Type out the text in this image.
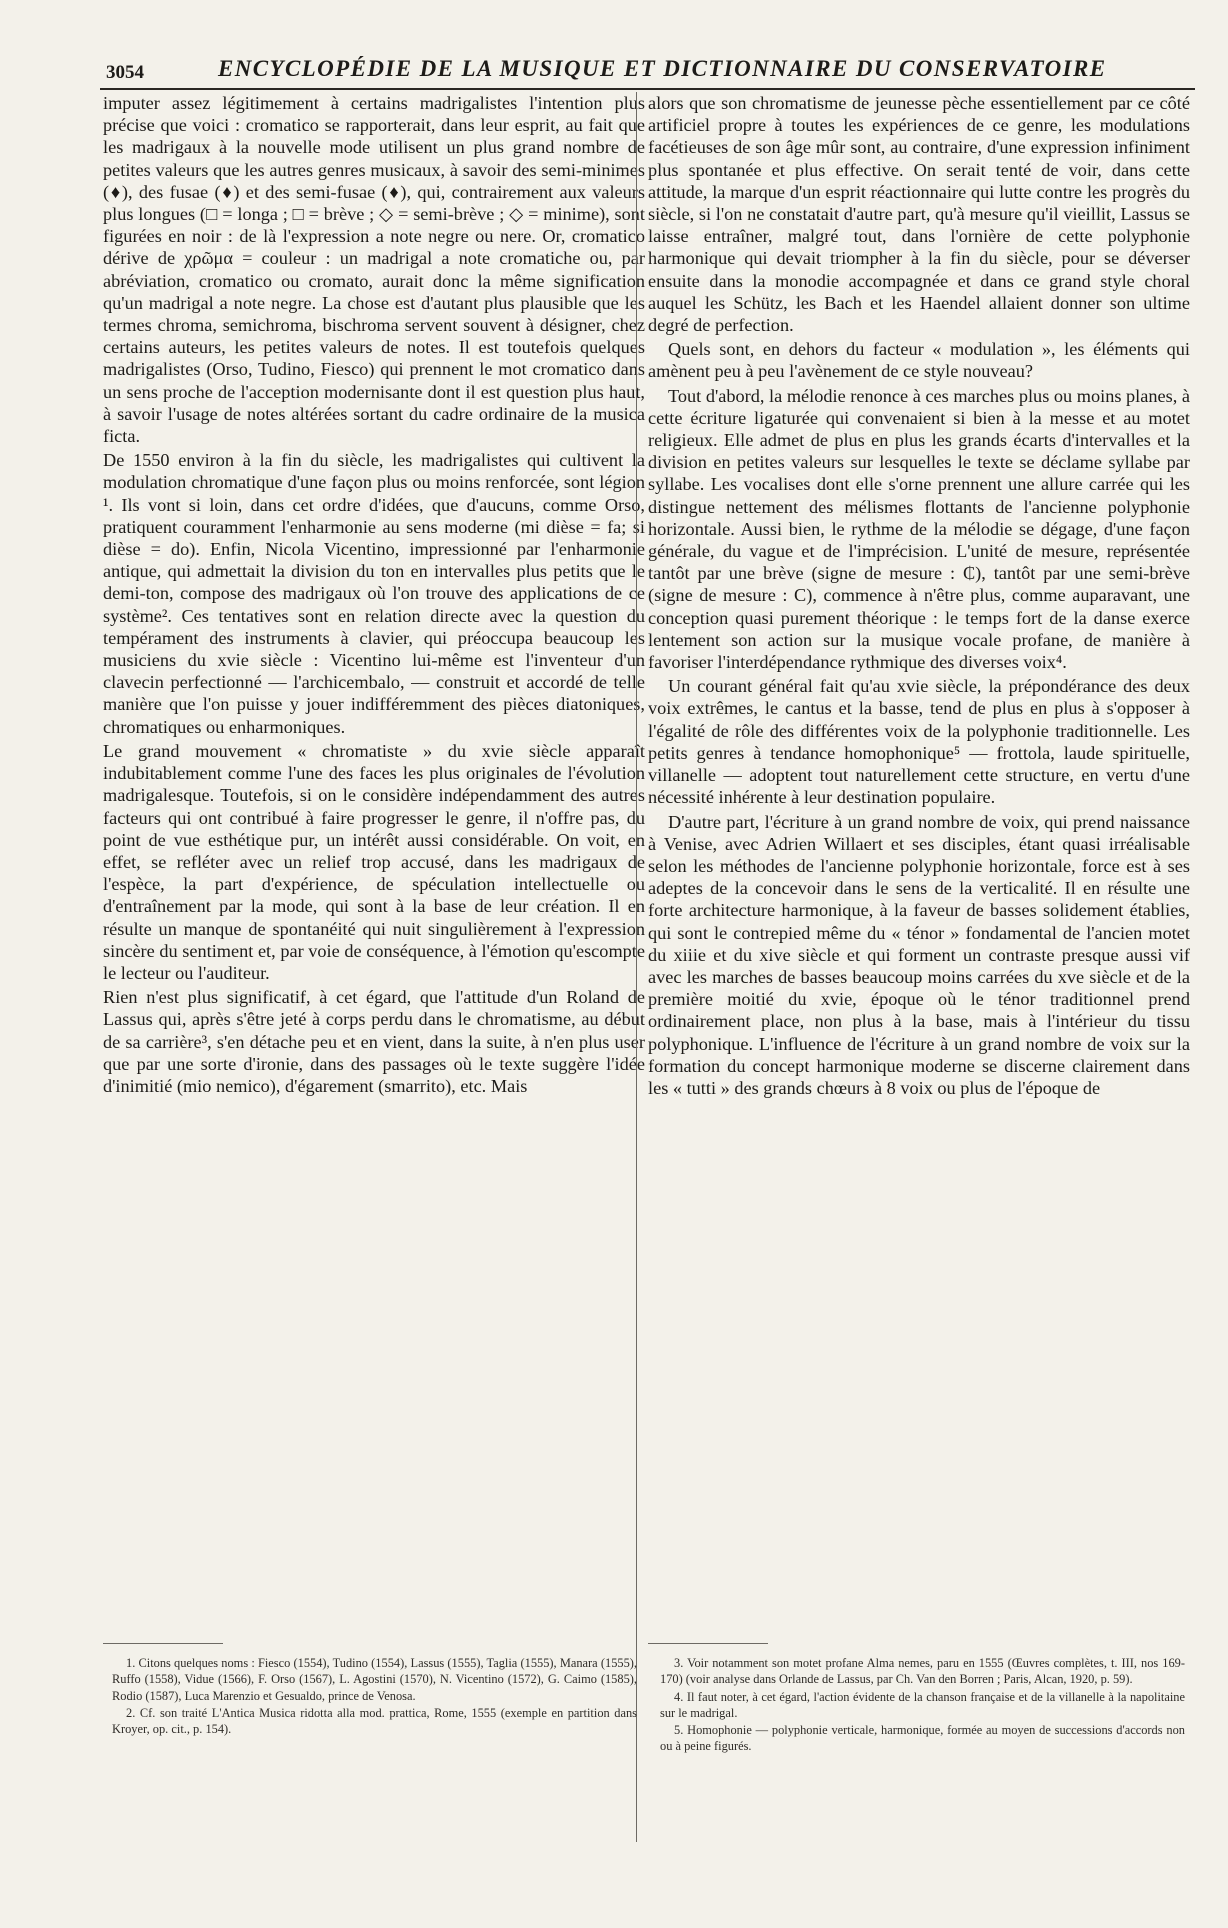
3054	ENCYCLOPÉDIE DE LA MUSIQUE ET DICTIONNAIRE DU CONSERVATOIRE

imputer assez légitimement à certains madrigalistes l'intention plus précise que voici : cromatico se rapporterait, dans leur esprit, au fait que les madrigaux à la nouvelle mode utilisent un plus grand nombre de petites valeurs que les autres genres musicaux, à savoir des semi-minimes (♦), des fusae (♦) et des semi-fusae (♦), qui, contrairement aux valeurs plus longues (□ = longa ; □ = brève ; ◇ = semi-brève ; ◇ = minime), sont figurées en noir : de là l'expression a note negre ou nere. Or, cromatico dérive de χρῶμα = couleur : un madrigal a note cromatiche ou, par abréviation, cromatico ou cromato, aurait donc la même signification qu'un madrigal a note negre. La chose est d'autant plus plausible que les termes chroma, semichroma, bischroma servent souvent à désigner, chez certains auteurs, les petites valeurs de notes. Il est toutefois quelques madrigalistes (Orso, Tudino, Fiesco) qui prennent le mot cromatico dans un sens proche de l'acception modernisante dont il est question plus haut, à savoir l'usage de notes altérées sortant du cadre ordinaire de la musica ficta.

De 1550 environ à la fin du siècle, les madrigalistes qui cultivent la modulation chromatique d'une façon plus ou moins renforcée, sont légion ¹. Ils vont si loin, dans cet ordre d'idées, que d'aucuns, comme Orso, pratiquent couramment l'enharmonie au sens moderne (mi dièse = fa; si dièse = do). Enfin, Nicola Vicentino, impressionné par l'enharmonie antique, qui admettait la division du ton en intervalles plus petits que le demi-ton, compose des madrigaux où l'on trouve des applications de ce système². Ces tentatives sont en relation directe avec la question du tempérament des instruments à clavier, qui préoccupa beaucoup les musiciens du xvie siècle : Vicentino lui-même est l'inventeur d'un clavecin perfectionné — l'archicembalo, — construit et accordé de telle manière que l'on puisse y jouer indifféremment des pièces diatoniques, chromatiques ou enharmoniques.

Le grand mouvement « chromatiste » du xvie siècle apparaît indubitablement comme l'une des faces les plus originales de l'évolution madrigalesque. Toutefois, si on le considère indépendamment des autres facteurs qui ont contribué à faire progresser le genre, il n'offre pas, du point de vue esthétique pur, un intérêt aussi considérable. On voit, en effet, se refléter avec un relief trop accusé, dans les madrigaux de l'espèce, la part d'expérience, de spéculation intellectuelle ou d'entraînement par la mode, qui sont à la base de leur création. Il en résulte un manque de spontanéité qui nuit singulièrement à l'expression sincère du sentiment et, par voie de conséquence, à l'émotion qu'escompte le lecteur ou l'auditeur.

Rien n'est plus significatif, à cet égard, que l'attitude d'un Roland de Lassus qui, après s'être jeté à corps perdu dans le chromatisme, au début de sa carrière³, s'en détache peu et en vient, dans la suite, à n'en plus user que par une sorte d'ironie, dans des passages où le texte suggère l'idée d'inimitié (mio nemico), d'égarement (smarrito), etc. Mais

alors que son chromatisme de jeunesse pèche essentiellement par ce côté artificiel propre à toutes les expériences de ce genre, les modulations facétieuses de son âge mûr sont, au contraire, d'une expression infiniment plus spontanée et plus effective. On serait tenté de voir, dans cette attitude, la marque d'un esprit réactionnaire qui lutte contre les progrès du siècle, si l'on ne constatait d'autre part, qu'à mesure qu'il vieillit, Lassus se laisse entraîner, malgré tout, dans l'ornière de cette polyphonie harmonique qui devait triompher à la fin du siècle, pour se déverser ensuite dans la monodie accompagnée et dans ce grand style choral auquel les Schütz, les Bach et les Haendel allaient donner son ultime degré de perfection.

Quels sont, en dehors du facteur « modulation », les éléments qui amènent peu à peu l'avènement de ce style nouveau?

Tout d'abord, la mélodie renonce à ces marches plus ou moins planes, à cette écriture ligaturée qui convenaient si bien à la messe et au motet religieux. Elle admet de plus en plus les grands écarts d'intervalles et la division en petites valeurs sur lesquelles le texte se déclame syllabe par syllabe. Les vocalises dont elle s'orne prennent une allure carrée qui les distingue nettement des mélismes flottants de l'ancienne polyphonie horizontale. Aussi bien, le rythme de la mélodie se dégage, d'une façon générale, du vague et de l'imprécision. L'unité de mesure, représentée tantôt par une brève (signe de mesure : ₵), tantôt par une semi-brève (signe de mesure : C), commence à n'être plus, comme auparavant, une conception quasi purement théorique : le temps fort de la danse exerce lentement son action sur la musique vocale profane, de manière à favoriser l'interdépendance rythmique des diverses voix⁴.

Un courant général fait qu'au xvie siècle, la prépondérance des deux voix extrêmes, le cantus et la basse, tend de plus en plus à s'opposer à l'égalité de rôle des différentes voix de la polyphonie traditionnelle. Les petits genres à tendance homophonique⁵ — frottola, laude spirituelle, villanelle — adoptent tout naturellement cette structure, en vertu d'une nécessité inhérente à leur destination populaire.

D'autre part, l'écriture à un grand nombre de voix, qui prend naissance à Venise, avec Adrien Willaert et ses disciples, étant quasi irréalisable selon les méthodes de l'ancienne polyphonie horizontale, force est à ses adeptes de la concevoir dans le sens de la verticalité. Il en résulte une forte architecture harmonique, à la faveur de basses solidement établies, qui sont le contrepied même du « ténor » fondamental de l'ancien motet du xiiie et du xive siècle et qui forment un contraste presque aussi vif avec les marches de basses beaucoup moins carrées du xve siècle et de la première moitié du xvie, époque où le ténor traditionnel prend ordinairement place, non plus à la base, mais à l'intérieur du tissu polyphonique. L'influence de l'écriture à un grand nombre de voix sur la formation du concept harmonique moderne se discerne clairement dans les « tutti » des grands chœurs à 8 voix ou plus de l'époque de

1. Citons quelques noms : Fiesco (1554), Tudino (1554), Lassus (1555), Taglia (1555), Manara (1555), Ruffo (1558), Vidue (1566), F. Orso (1567), L. Agostini (1570), N. Vicentino (1572), G. Caimo (1585), Rodio (1587), Luca Marenzio et Gesualdo, prince de Venosa.

2. Cf. son traité L'Antica Musica ridotta alla mod. prattica, Rome, 1555 (exemple en partition dans Kroyer, op. cit., p. 154).

3. Voir notamment son motet profane Alma nemes, paru en 1555 (Œuvres complètes, t. III, nos 169-170) (voir analyse dans Orlande de Lassus, par Ch. Van den Borren ; Paris, Alcan, 1920, p. 59).

4. Il faut noter, à cet égard, l'action évidente de la chanson française et de la villanelle à la napolitaine sur le madrigal.

5. Homophonie — polyphonie verticale, harmonique, formée au moyen de successions d'accords non ou à peine figurés.
